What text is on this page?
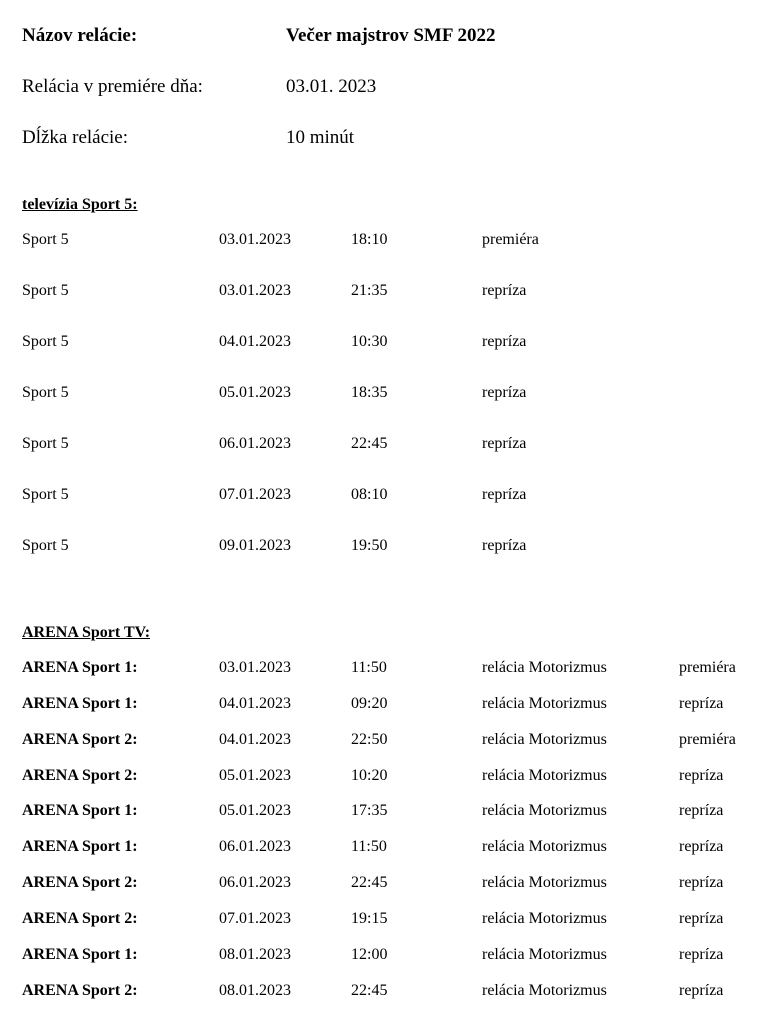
Názov relácie:	Večer majstrov SMF 2022
Relácia v premiére dňa:	03.01. 2023
Dĺžka relácie:	10 minút
televízia Sport 5:
Sport 5	03.01.2023	18:10	premiéra
Sport 5	03.01.2023	21:35	repríza
Sport 5	04.01.2023	10:30	repríza
Sport 5	05.01.2023	18:35	repríza
Sport 5	06.01.2023	22:45	repríza
Sport 5	07.01.2023	08:10	repríza
Sport 5	09.01.2023	19:50	repríza
ARENA Sport TV:
ARENA Sport 1:	03.01.2023	11:50	relácia Motorizmus	premiéra
ARENA Sport 1:	04.01.2023	09:20	relácia Motorizmus	repríza
ARENA Sport 2:	04.01.2023	22:50	relácia Motorizmus	premiéra
ARENA Sport 2:	05.01.2023	10:20	relácia Motorizmus	repríza
ARENA Sport 1:	05.01.2023	17:35	relácia Motorizmus	repríza
ARENA Sport 1:	06.01.2023	11:50	relácia Motorizmus	repríza
ARENA Sport 2:	06.01.2023	22:45	relácia Motorizmus	repríza
ARENA Sport 2:	07.01.2023	19:15	relácia Motorizmus	repríza
ARENA Sport 1:	08.01.2023	12:00	relácia Motorizmus	repríza
ARENA Sport 2:	08.01.2023	22:45	relácia Motorizmus	repríza
